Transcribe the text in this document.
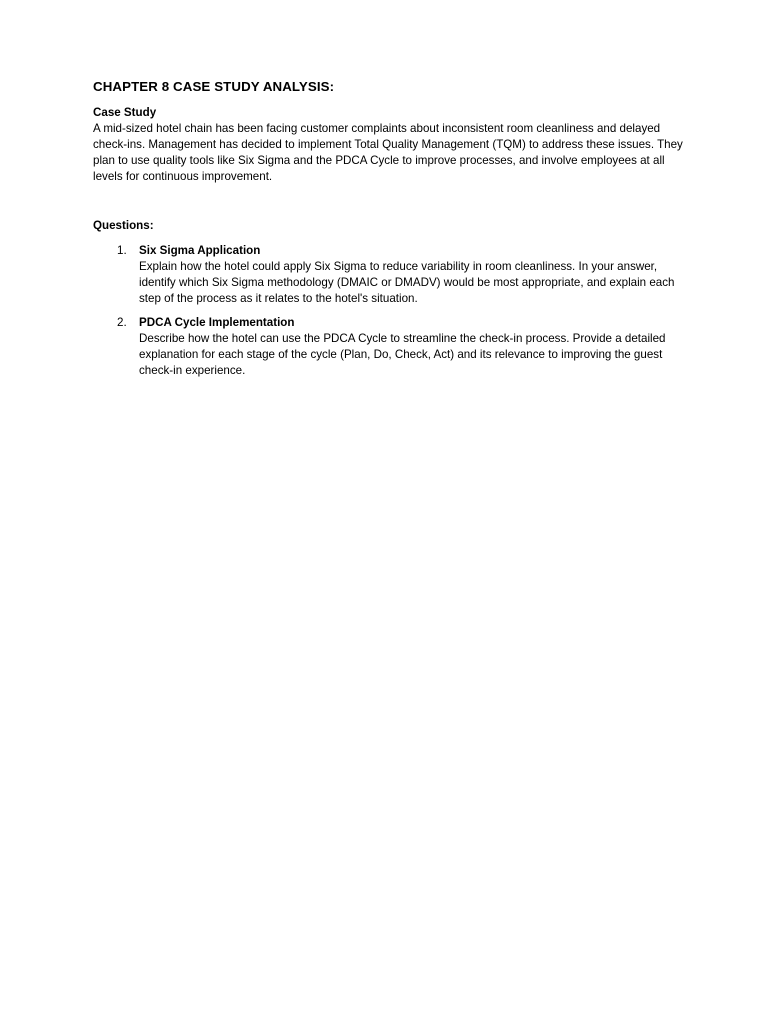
CHAPTER 8 CASE STUDY ANALYSIS:

Case Study

A mid-sized hotel chain has been facing customer complaints about inconsistent room cleanliness and delayed check-ins. Management has decided to implement Total Quality Management (TQM) to address these issues. They plan to use quality tools like Six Sigma and the PDCA Cycle to improve processes, and involve employees at all levels for continuous improvement.

Questions:

1. Six Sigma Application

Explain how the hotel could apply Six Sigma to reduce variability in room cleanliness. In your answer, identify which Six Sigma methodology (DMAIC or DMADV) would be most appropriate, and explain each step of the process as it relates to the hotel's situation.

2. PDCA Cycle Implementation

Describe how the hotel can use the PDCA Cycle to streamline the check-in process. Provide a detailed explanation for each stage of the cycle (Plan, Do, Check, Act) and its relevance to improving the guest check-in experience.
